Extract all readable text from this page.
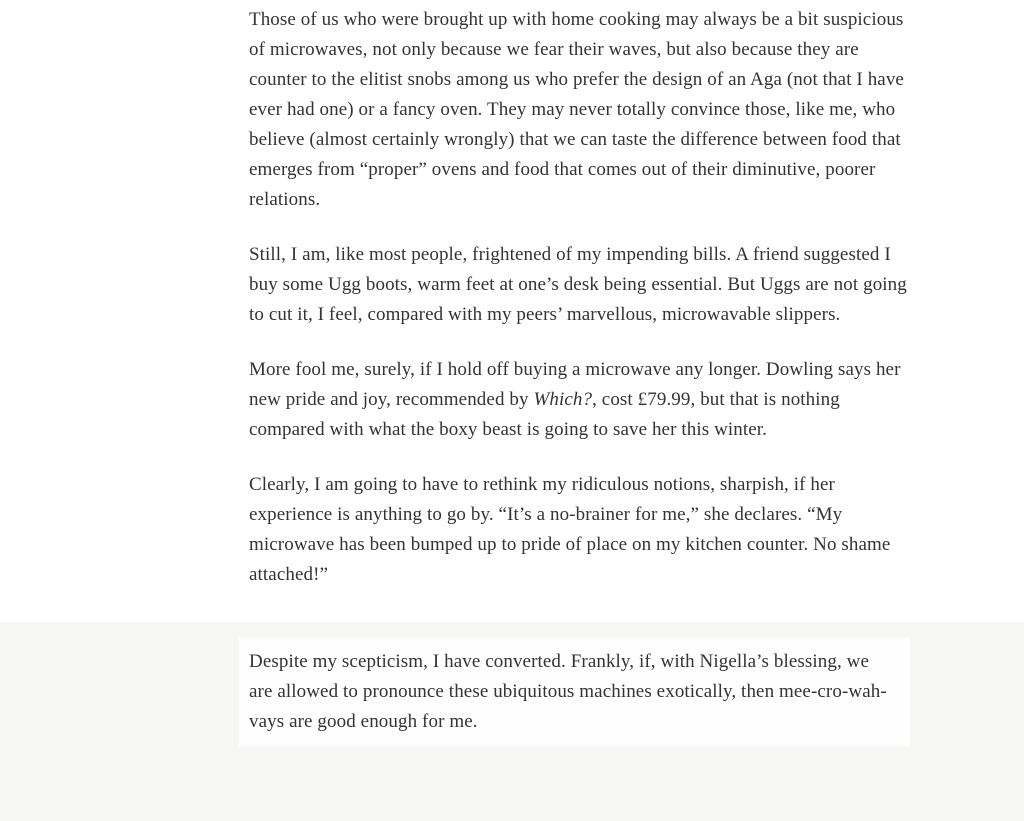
Those of us who were brought up with home cooking may always be a bit suspicious of microwaves, not only because we fear their waves, but also because they are counter to the elitist snobs among us who prefer the design of an Aga (not that I have ever had one) or a fancy oven. They may never totally convince those, like me, who believe (almost certainly wrongly) that we can taste the difference between food that emerges from “proper” ovens and food that comes out of their diminutive, poorer relations.

Still, I am, like most people, frightened of my impending bills. A friend suggested I buy some Ugg boots, warm feet at one’s desk being essential. But Uggs are not going to cut it, I feel, compared with my peers’ marvellous, microwavable slippers.

More fool me, surely, if I hold off buying a microwave any longer. Dowling says her new pride and joy, recommended by Which?, cost £79.99, but that is nothing compared with what the boxy beast is going to save her this winter.

Clearly, I am going to have to rethink my ridiculous notions, sharpish, if her experience is anything to go by. “It’s a no-brainer for me,” she declares. “My microwave has been bumped up to pride of place on my kitchen counter. No shame attached!”

Despite my scepticism, I have converted. Frankly, if, with Nigella’s blessing, we are allowed to pronounce these ubiquitous machines exotically, then mee-cro-wah-vays are good enough for me.
